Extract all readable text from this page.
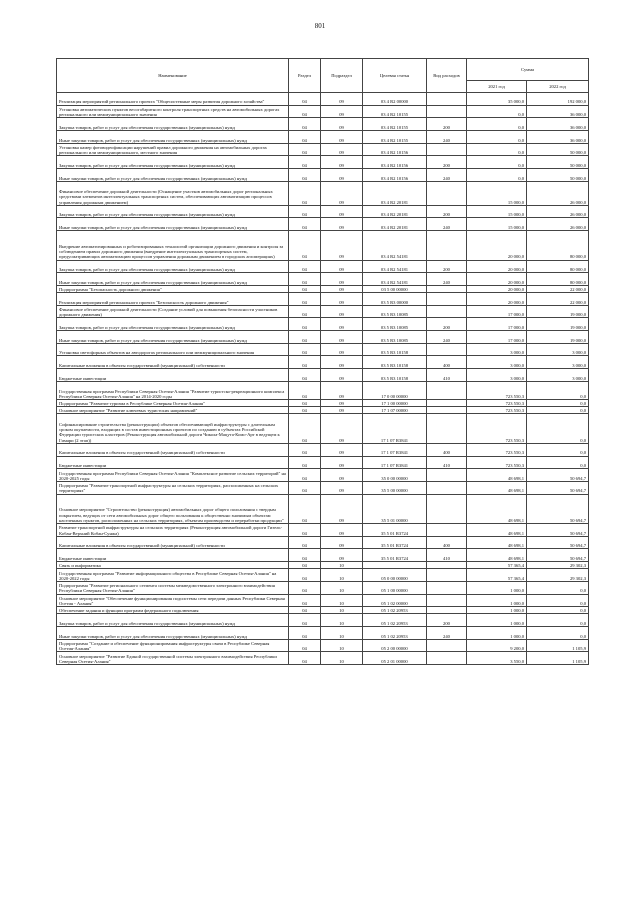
801
Наименование	Раздел	Подраздел	Целевая статья	Вид расходов	Сумма	
					2021 год	2022 год
Реализация мероприятий регионального проекта "Общесистемные меры развития дорожного хозяйства"	04	09	03 4 R2 00000		35 000,0	192 000,0
Установка автоматических пунктов весогабаритного контроля транспортных средств на автомобильных дорогах регионального или межмуниципального значения	04	09	03 4 R2 10155		0,0	36 000,0
Закупка товаров, работ и услуг для обеспечения государственных (муниципальных) нужд	04	09	03 4 R2 10155	200	0,0	36 000,0
Иные закупки товаров, работ и услуг для обеспечения государственных (муниципальных) нужд	04	09	03 4 R2 10155	240	0,0	36 000,0
Установка камер фотовидеофиксации нарушений правил дорожного движения на автомобильных дорогах регионального или межмуниципального, местного значения	04	09	03 4 R2 10156		0,0	50 000,0
Закупка товаров, работ и услуг для обеспечения государственных (муниципальных) нужд	04	09	03 4 R2 10156	200	0,0	50 000,0
Иные закупки товаров, работ и услуг для обеспечения государственных (муниципальных) нужд	04	09	03 4 R2 10156	240	0,0	50 000,0
Финансовое обеспечение дорожной деятельности (Оснащение участков автомобильных дорог региональных средствами элементов интеллектуальных транспортных систем, обеспечивающих автоматизацию процессов управления дорожным движением)	04	09	03 4 R2 20181		15 000,0	26 000,0
Закупка товаров, работ и услуг для обеспечения государственных (муниципальных) нужд	04	09	03 4 R2 20181	200	15 000,0	26 000,0
Иные закупки товаров, работ и услуг для обеспечения государственных (муниципальных) нужд	04	09	03 4 R2 20181	240	15 000,0	26 000,0
Внедрение автоматизированных и роботизированных технологий организации дорожного движения и контроля за соблюдением правил дорожного движения (внедрение интеллектуальных транспортных систем, предусматривающих автоматизацию процессов управления дорожным движением в городских агломерациях)	04	09	03 4 R2 54181		20 000,0	80 000,0
Закупка товаров, работ и услуг для обеспечения государственных (муниципальных) нужд	04	09	03 4 R2 54181	200	20 000,0	80 000,0
Иные закупки товаров, работ и услуг для обеспечения государственных (муниципальных) нужд	04	09	03 4 R2 54181	240	20 000,0	80 000,0
Подпрограмма "Безопасность дорожного движения"	04	09	03 5 00 00000		20 000,0	22 000,0
Реализация мероприятий регионального проекта "Безопасность дорожного движения"	04	09	03 5 R3 00000		20 000,0	22 000,0
Финансовое обеспечение дорожной деятельности (Создание условий для повышения безопасности участников дорожного движения)	04	09	03 5 R3 10085		17 000,0	19 000,0
Закупка товаров, работ и услуг для обеспечения государственных (муниципальных) нужд	04	09	03 5 R3 10085	200	17 000,0	19 000,0
Иные закупки товаров, работ и услуг для обеспечения государственных (муниципальных) нужд	04	09	03 5 R3 10085	240	17 000,0	19 000,0
Установка светофорных объектов на автодорогах регионального или межмуниципального значения	04	09	03 5 R3 10158		3 000,0	3 000,0
Капитальные вложения в объекты государственной (муниципальной) собственности	04	09	03 5 R3 10158	400	3 000,0	3 000,0
Бюджетные инвестиции	04	09	03 5 R3 10158	410	3 000,0	3 000,0
Государственная программа Республики Северная Осетия-Алания "Развитие туристско-рекреационного комплекса Республики Северная Осетия-Алания" на 2014-2020 годы	04	09	17 0 00 00000		723 550,3	0,0
Подпрограмма "Развитие туризма в Республике Северная Осетия-Алания"	04	09	17 1 00 00000		723 550,3	0,0
Основное мероприятие "Развитие ключевых туристских направлений"	04	09	17 1 07 00000		723 550,3	0,0
Софинансирование строительства (реконструкции) объектов обеспечивающей инфраструктуры с длительным сроком окупаемости, входящих в состав инвестиционных проектов по созданию в субъектах Российской Федерации туристских кластеров (Реконструкция автомобильной дороги Чикола-Мацута-Комо-Арт в ведущем к Гимари (2 этап))	04	09	17 1 07 R3841		723 550,3	0,0
Капитальные вложения в объекты государственной (муниципальной) собственности	04	09	17 1 07 R3841	400	723 550,3	0,0
Бюджетные инвестиции	04	09	17 1 07 R3841	410	723 550,3	0,0
Государственная программа Республики Северная Осетия-Алания "Комплексное развитие сельских территорий" на 2020-2025 годы	04	09	35 0 00 00000		48 698,1	50 694,7
Подпрограмма "Развитие транспортной инфраструктуры на сельских территориях, расположенных на сельских территориях"	04	09	35 5 00 00000		48 698,1	50 694,7
Основное мероприятие "Строительство (реконструкция) автомобильных дорог общего пользования с твердым покрытием, ведущих от сети автомобильных дорог общего пользования к общественно значимым объектам населенных пунктов, расположенных на сельских территориях, объектам производства и переработки продукции"	04	09	35 5 01 00000		48 698,1	50 694,7
Развитие транспортной инфраструктуры на сельских территориях (Реконструкция автомобильной дороги Гизель-Кобан-Верхний Кобан-Сунжа)	04	09	35 5 01 R3724		48 698,1	50 694,7
Капитальные вложения в объекты государственной (муниципальной) собственности	04	09	35 5 01 R3724	400	48 698,1	50 694,7
Бюджетные инвестиции	04	09	35 5 01 R3724	410	48 698,1	50 694,7
Связь и информатика	04	10			57 365,4	29 302,3
Государственная программа "Развитие информационного общества в Республике Северная Осетия-Алания" на 2020-2022 годы	04	10	05 0 00 00000		57 365,4	29 302,3
Подпрограмма "Развитие регионального сегмента системы межведомственного электронного взаимодействия Республики Северная Осетия-Алания"	04	10	05 1 00 00000		1 000,0	0,0
Основное мероприятие "Обеспечение функционирования подсистемы сети передачи данных Республики Северная Осетия - Алания"	04	10	05 1 02 00000		1 000,0	0,0
Обеспечение задания и функции программ федерального подключения	04	10	05 1 02 20953		1 000,0	0,0
Закупка товаров, работ и услуг для обеспечения государственных (муниципальных) нужд	04	10	05 1 02 20953	200	1 000,0	0,0
Иные закупки товаров, работ и услуг для обеспечения государственных (муниципальных) нужд	04	10	05 1 02 20953	240	1 000,0	0,0
Подпрограмма "Создание и обеспечение функционирования инфраструктуры связи в Республике Северная Осетия-Алания"	04	10	05 2 00 00000		9 200,0	1 105,9
Основное мероприятие "Развитие Единой государственной системы электронного взаимодействия Республики Северная Осетия-Алания"	04	10	05 2 01 00000		3 550,0	1 105,9
